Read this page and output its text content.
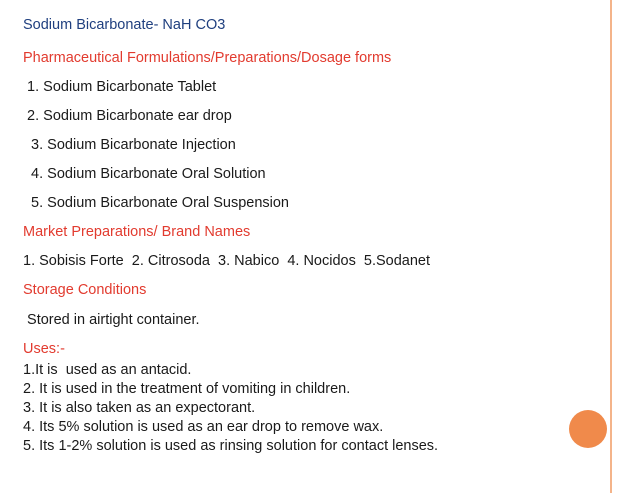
Sodium Bicarbonate- NaH CO3
Pharmaceutical Formulations/Preparations/Dosage forms
1. Sodium Bicarbonate Tablet
2. Sodium Bicarbonate ear drop
3. Sodium Bicarbonate Injection
4. Sodium Bicarbonate Oral Solution
5. Sodium Bicarbonate Oral Suspension
Market Preparations/ Brand Names
1. Sobisis Forte  2. Citrosoda  3. Nabico  4. Nocidos  5.Sodanet
Storage Conditions
Stored in airtight container.
Uses:-
1.It is  used as an antacid.
2. It is used in the treatment of vomiting in children.
3. It is also taken as an expectorant.
4. Its 5% solution is used as an ear drop to remove wax.
5. Its 1-2% solution is used as rinsing solution for contact lenses.
